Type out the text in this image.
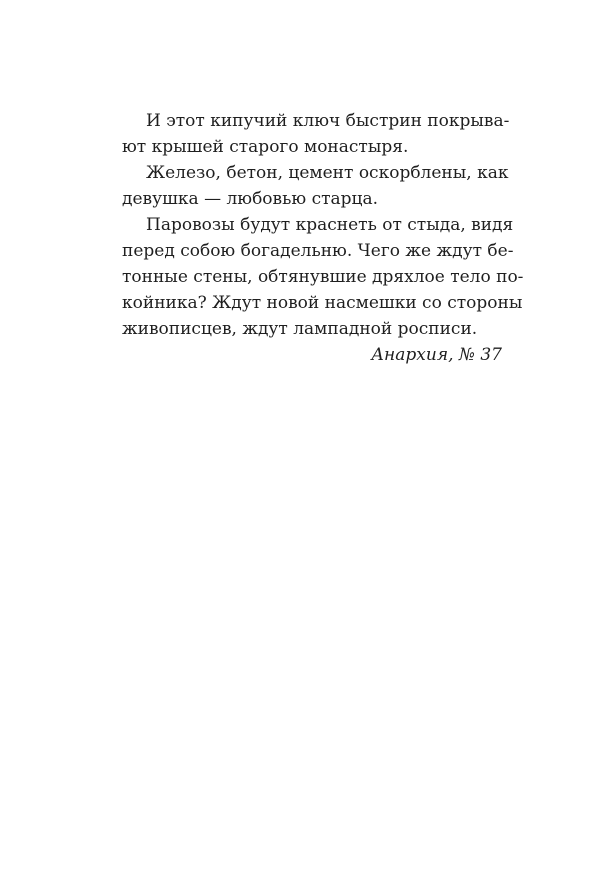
И этот кипучий ключ быстрин покрыва-
ют крышей старого монастыря.
Железо, бетон, цемент оскорблены, как
девушка — любовью старца.
Паровозы будут краснеть от стыда, видя
перед собою богадельню. Чего же ждут бе-
тонные стены, обтянувшие дряхлое тело по-
койника? Ждут новой насмешки со стороны
живописцев, ждут лампадной росписи.
Анархия, № 37
